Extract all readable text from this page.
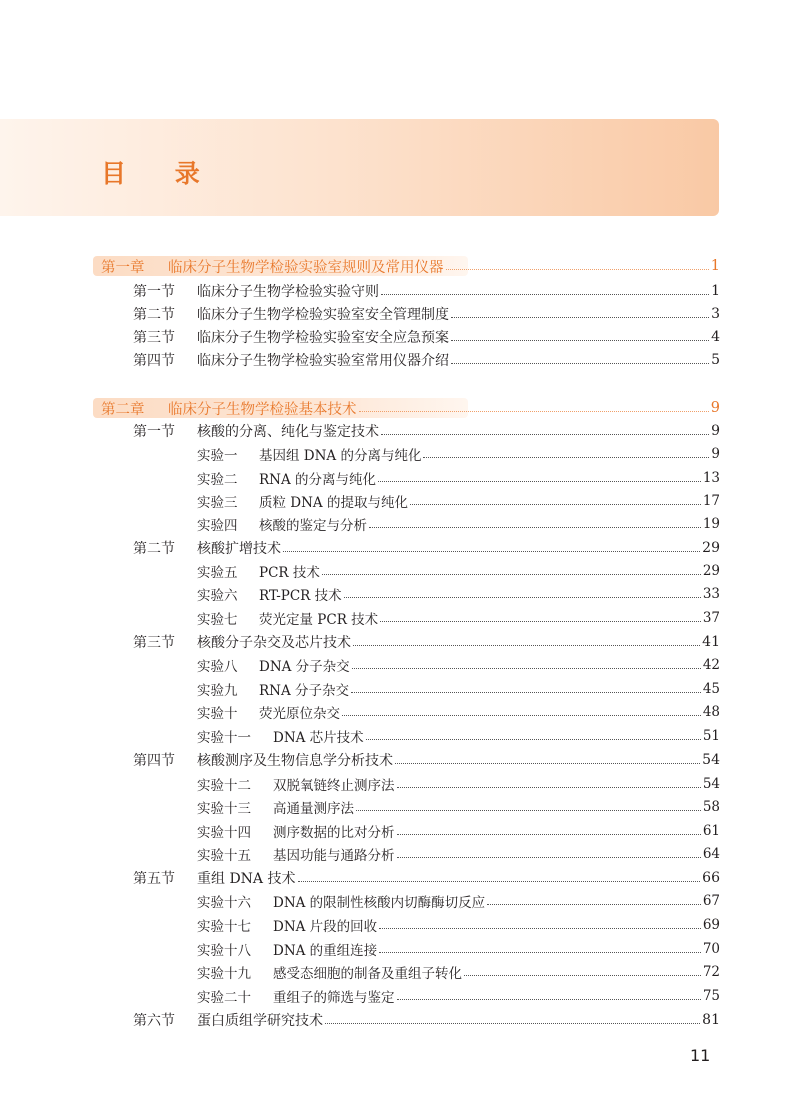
目 录
第一章	临床分子生物学检验实验室规则及常用仪器	1
第一节	临床分子生物学检验实验守则	1
第二节	临床分子生物学检验实验室安全管理制度	3
第三节	临床分子生物学检验实验室安全应急预案	4
第四节	临床分子生物学检验实验室常用仪器介绍	5
第二章	临床分子生物学检验基本技术	9
第一节	核酸的分离、纯化与鉴定技术	9
实验一	基因组 DNA 的分离与纯化	9
实验二	RNA 的分离与纯化	13
实验三	质粒 DNA 的提取与纯化	17
实验四	核酸的鉴定与分析	19
第二节	核酸扩增技术	29
实验五	PCR 技术	29
实验六	RT-PCR 技术	33
实验七	荧光定量 PCR 技术	37
第三节	核酸分子杂交及芯片技术	41
实验八	DNA 分子杂交	42
实验九	RNA 分子杂交	45
实验十	荧光原位杂交	48
实验十一	DNA 芯片技术	51
第四节	核酸测序及生物信息学分析技术	54
实验十二	双脱氧链终止测序法	54
实验十三	高通量测序法	58
实验十四	测序数据的比对分析	61
实验十五	基因功能与通路分析	64
第五节	重组 DNA 技术	66
实验十六	DNA 的限制性核酸内切酶酶切反应	67
实验十七	DNA 片段的回收	69
实验十八	DNA 的重组连接	70
实验十九	感受态细胞的制备及重组子转化	72
实验二十	重组子的筛选与鉴定	75
第六节	蛋白质组学研究技术	81
11
